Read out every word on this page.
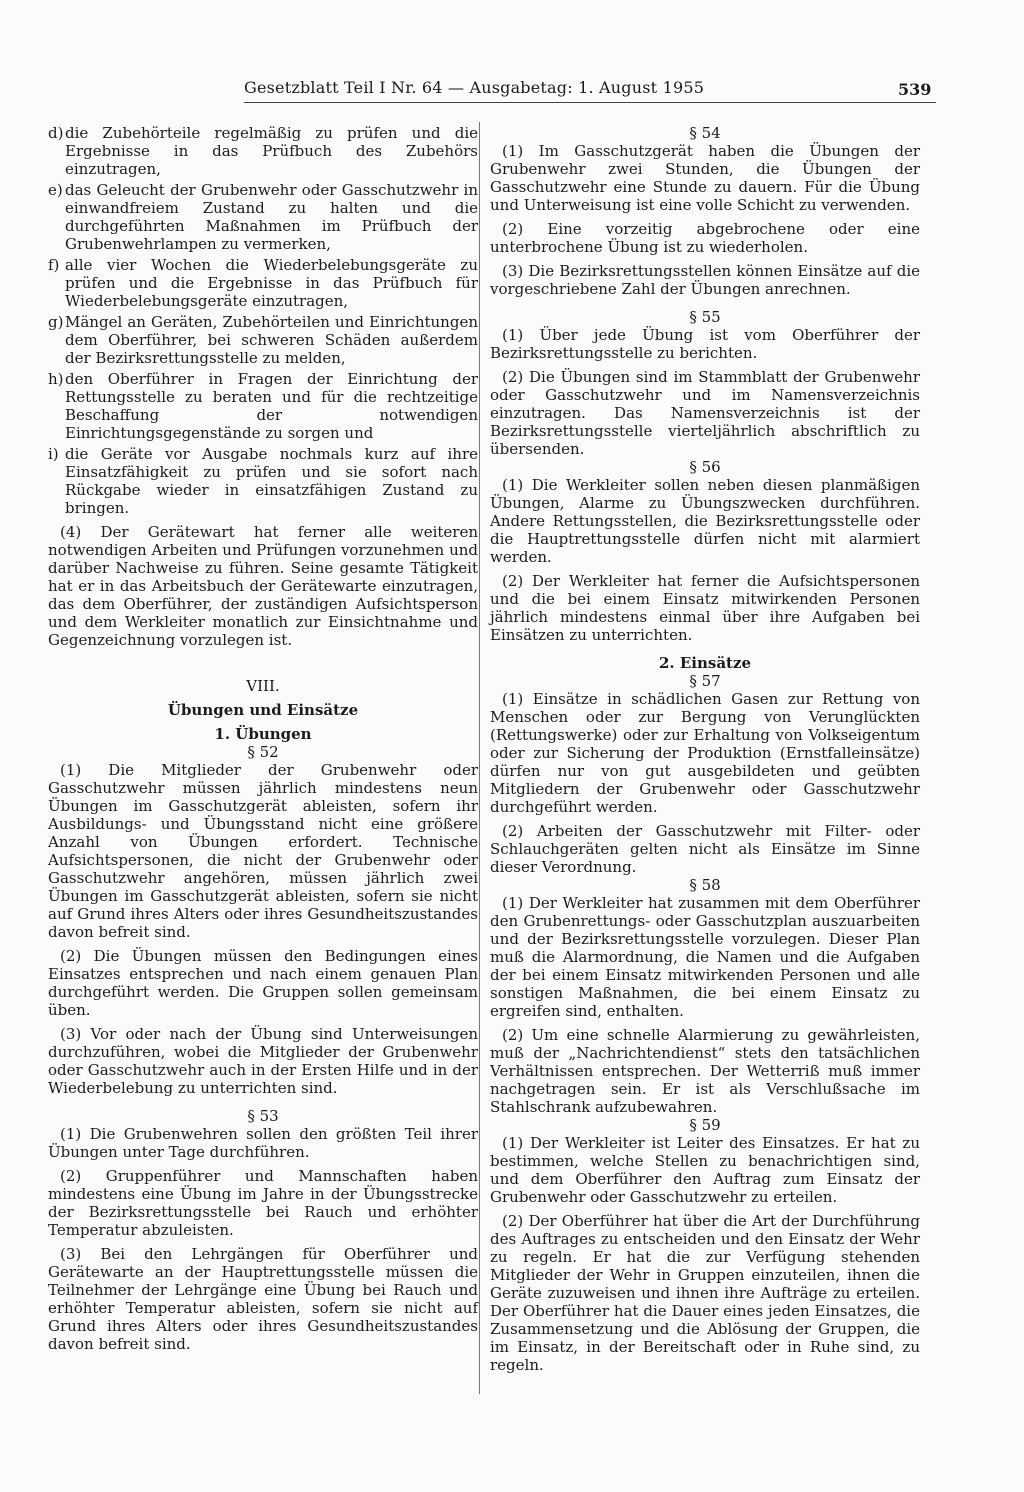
Gesetzblatt Teil I Nr. 64 — Ausgabetag: 1. August 1955	539
d) die Zubehörteile regelmäßig zu prüfen und die Ergebnisse in das Prüfbuch des Zubehörs einzutragen,
e) das Geleucht der Grubenwehr oder Gasschutzwehr in einwandfreiem Zustand zu halten und die durchgeführten Maßnahmen im Prüfbuch der Grubenwehrlampen zu vermerken,
f) alle vier Wochen die Wiederbelebungsgeräte zu prüfen und die Ergebnisse in das Prüfbuch für Wiederbelebungsgeräte einzutragen,
g) Mängel an Geräten, Zubehörteilen und Einrichtungen dem Oberführer, bei schweren Schäden außerdem der Bezirksrettungsstelle zu melden,
h) den Oberführer in Fragen der Einrichtung der Rettungsstelle zu beraten und für die rechtzeitige Beschaffung der notwendigen Einrichtungsgegenstände zu sorgen und
i) die Geräte vor Ausgabe nochmals kurz auf ihre Einsatzfähigkeit zu prüfen und sie sofort nach Rückgabe wieder in einsatzfähigen Zustand zu bringen.

(4) Der Gerätewart hat ferner alle weiteren notwendigen Arbeiten und Prüfungen vorzunehmen und darüber Nachweise zu führen. Seine gesamte Tätigkeit hat er in das Arbeitsbuch der Gerätewarte einzutragen, das dem Oberführer, der zuständigen Aufsichtsperson und dem Werkleiter monatlich zur Einsichtnahme und Gegenzeichnung vorzulegen ist.

VIII.

Übungen und Einsätze

1. Übungen

§ 52

(1) Die Mitglieder der Grubenwehr oder Gasschutzwehr müssen jährlich mindestens neun Übungen im Gasschutzgerät ableisten, sofern ihr Ausbildungs- und Übungsstand nicht eine größere Anzahl von Übungen erfordert. Technische Aufsichtspersonen, die nicht der Grubenwehr oder Gasschutzwehr angehören, müssen jährlich zwei Übungen im Gasschutzgerät ableisten, sofern sie nicht auf Grund ihres Alters oder ihres Gesundheitszustandes davon befreit sind.

(2) Die Übungen müssen den Bedingungen eines Einsatzes entsprechen und nach einem genauen Plan durchgeführt werden. Die Gruppen sollen gemeinsam üben.

(3) Vor oder nach der Übung sind Unterweisungen durchzuführen, wobei die Mitglieder der Grubenwehr oder Gasschutzwehr auch in der Ersten Hilfe und in der Wiederbelebung zu unterrichten sind.

§ 53

(1) Die Grubenwehren sollen den größten Teil ihrer Übungen unter Tage durchführen.

(2) Gruppenführer und Mannschaften haben mindestens eine Übung im Jahre in der Übungsstrecke der Bezirksrettungsstelle bei Rauch und erhöhter Temperatur abzuleisten.

(3) Bei den Lehrgängen für Oberführer und Gerätewarte an der Hauptrettungsstelle müssen die Teilnehmer der Lehrgänge eine Übung bei Rauch und erhöhter Temperatur ableisten, sofern sie nicht auf Grund ihres Alters oder ihres Gesundheitszustandes davon befreit sind.

§ 54

(1) Im Gasschutzgerät haben die Übungen der Grubenwehr zwei Stunden, die Übungen der Gasschutzwehr eine Stunde zu dauern. Für die Übung und Unterweisung ist eine volle Schicht zu verwenden.

(2) Eine vorzeitig abgebrochene oder eine unterbrochene Übung ist zu wiederholen.

(3) Die Bezirksrettungsstellen können Einsätze auf die vorgeschriebene Zahl der Übungen anrechnen.

§ 55

(1) Über jede Übung ist vom Oberführer der Bezirksrettungsstelle zu berichten.

(2) Die Übungen sind im Stammblatt der Grubenwehr oder Gasschutzwehr und im Namensverzeichnis einzutragen. Das Namensverzeichnis ist der Bezirksrettungsstelle vierteljährlich abschriftlich zu übersenden.

§ 56

(1) Die Werkleiter sollen neben diesen planmäßigen Übungen, Alarme zu Übungszwecken durchführen. Andere Rettungsstellen, die Bezirksrettungsstelle oder die Hauptrettungsstelle dürfen nicht mit alarmiert werden.

(2) Der Werkleiter hat ferner die Aufsichtspersonen und die bei einem Einsatz mitwirkenden Personen jährlich mindestens einmal über ihre Aufgaben bei Einsätzen zu unterrichten.

2. Einsätze

§ 57

(1) Einsätze in schädlichen Gasen zur Rettung von Menschen oder zur Bergung von Verunglückten (Rettungswerke) oder zur Erhaltung von Volkseigentum oder zur Sicherung der Produktion (Ernstfalleinsätze) dürfen nur von gut ausgebildeten und geübten Mitgliedern der Grubenwehr oder Gasschutzwehr durchgeführt werden.

(2) Arbeiten der Gasschutzwehr mit Filter- oder Schlauchgeräten gelten nicht als Einsätze im Sinne dieser Verordnung.

§ 58

(1) Der Werkleiter hat zusammen mit dem Oberführer den Grubenrettungs- oder Gasschutzplan auszuarbeiten und der Bezirksrettungsstelle vorzulegen. Dieser Plan muß die Alarmordnung, die Namen und die Aufgaben der bei einem Einsatz mitwirkenden Personen und alle sonstigen Maßnahmen, die bei einem Einsatz zu ergreifen sind, enthalten.

(2) Um eine schnelle Alarmierung zu gewährleisten, muß der „Nachrichtendienst“ stets den tatsächlichen Verhältnissen entsprechen. Der Wetterriß muß immer nachgetragen sein. Er ist als Verschlußsache im Stahlschrank aufzubewahren.

§ 59

(1) Der Werkleiter ist Leiter des Einsatzes. Er hat zu bestimmen, welche Stellen zu benachrichtigen sind, und dem Oberführer den Auftrag zum Einsatz der Grubenwehr oder Gasschutzwehr zu erteilen.

(2) Der Oberführer hat über die Art der Durchführung des Auftrages zu entscheiden und den Einsatz der Wehr zu regeln. Er hat die zur Verfügung stehenden Mitglieder der Wehr in Gruppen einzuteilen, ihnen die Geräte zuzuweisen und ihnen ihre Aufträge zu erteilen. Der Oberführer hat die Dauer eines jeden Einsatzes, die Zusammensetzung und die Ablösung der Gruppen, die im Einsatz, in der Bereitschaft oder in Ruhe sind, zu regeln.
